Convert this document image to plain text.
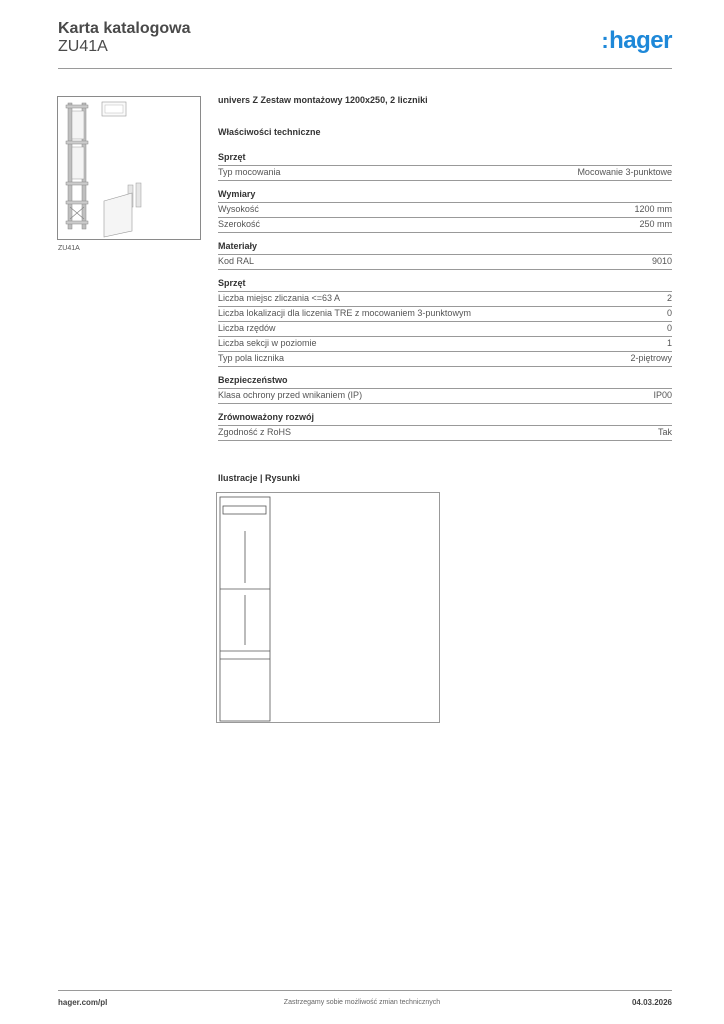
Karta katalogowa
ZU41A	:hager
ZU41A
univers Z Zestaw montażowy 1200x250, 2 liczniki
Właściwości techniczne
Sprzęt
Typ mocowania	Mocowanie 3-punktowe
Wymiary
Wysokość	1200 mm
Szerokość	250 mm
Materiały
Kod RAL	9010
Sprzęt
Liczba miejsc zliczania <=63 A	2
Liczba lokalizacji dla liczenia TRE z mocowaniem 3-punktowym	0
Liczba rzędów	0
Liczba sekcji w poziomie	1
Typ pola licznika	2-piętrowy
Bezpieczeństwo
Klasa ochrony przed wnikaniem (IP)	IP00
Zrównoważony rozwój
Zgodność z RoHS	Tak
Ilustracje | Rysunki
hager.com/pl	Zastrzegamy sobie możliwość zmian technicznych	04.03.2026
